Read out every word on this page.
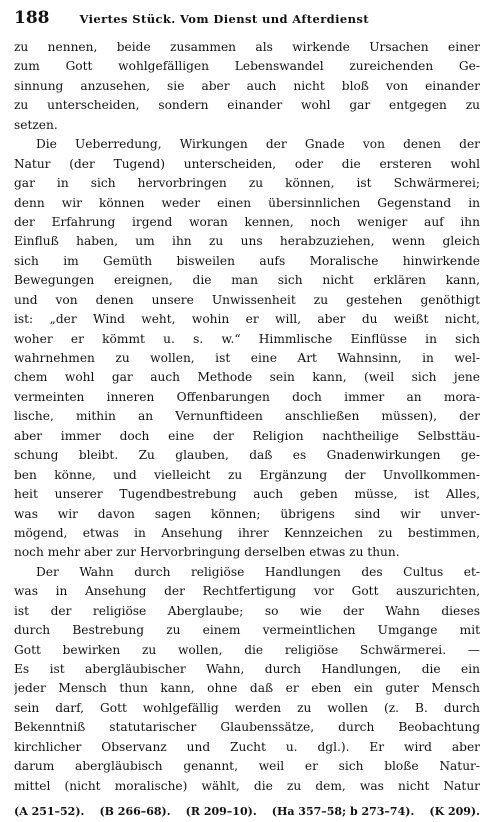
188	Viertes Stück. Vom Dienst und Afterdienst
zu nennen, beide zusammen als wirkende Ursachen einer
zum Gott wohlgefälligen Lebenswandel zureichenden Ge-
sinnung anzusehen, sie aber auch nicht bloß von einander
zu unterscheiden, sondern einander wohl gar entgegen zu
setzen.
Die Ueberredung, Wirkungen der Gnade von denen der
Natur (der Tugend) unterscheiden, oder die ersteren wohl
gar in sich hervorbringen zu können, ist Schwärmerei;
denn wir können weder einen übersinnlichen Gegenstand in
der Erfahrung irgend woran kennen, noch weniger auf ihn
Einfluß haben, um ihn zu uns herabzuziehen, wenn gleich
sich im Gemüth bisweilen aufs Moralische hinwirkende
Bewegungen ereignen, die man sich nicht erklären kann,
und von denen unsere Unwissenheit zu gestehen genöthigt
ist: „der Wind weht, wohin er will, aber du weißt nicht,
woher er kömmt u. s. w.“ Himmlische Einflüsse in sich
wahrnehmen zu wollen, ist eine Art Wahnsinn, in wel-
chem wohl gar auch Methode sein kann, (weil sich jene
vermeinten inneren Offenbarungen doch immer an mora-
lische, mithin an Vernunftideen anschließen müssen), der
aber immer doch eine der Religion nachtheilige Selbsttäu-
schung bleibt. Zu glauben, daß es Gnadenwirkungen ge-
ben könne, und vielleicht zu Ergänzung der Unvollkommen-
heit unserer Tugendbestrebung auch geben müsse, ist Alles,
was wir davon sagen können; übrigens sind wir unver-
mögend, etwas in Ansehung ihrer Kennzeichen zu bestimmen,
noch mehr aber zur Hervorbringung derselben etwas zu thun.
Der Wahn durch religiöse Handlungen des Cultus et-
was in Ansehung der Rechtfertigung vor Gott auszurichten,
ist der religiöse Aberglaube; so wie der Wahn dieses
durch Bestrebung zu einem vermeintlichen Umgange mit
Gott bewirken zu wollen, die religiöse Schwärmerei. —
Es ist abergläubischer Wahn, durch Handlungen, die ein
jeder Mensch thun kann, ohne daß er eben ein guter Mensch
sein darf, Gott wohlgefällig werden zu wollen (z. B. durch
Bekenntniß statutarischer Glaubenssätze, durch Beobachtung
kirchlicher Observanz und Zucht u. dgl.). Er wird aber
darum abergläubisch genannt, weil er sich bloße Natur-
mittel (nicht moralische) wählt, die zu dem, was nicht Natur
(A 251–52). (B 266–68). (R 209–10). (Ha 357–58; b 273–74). (K 209).
